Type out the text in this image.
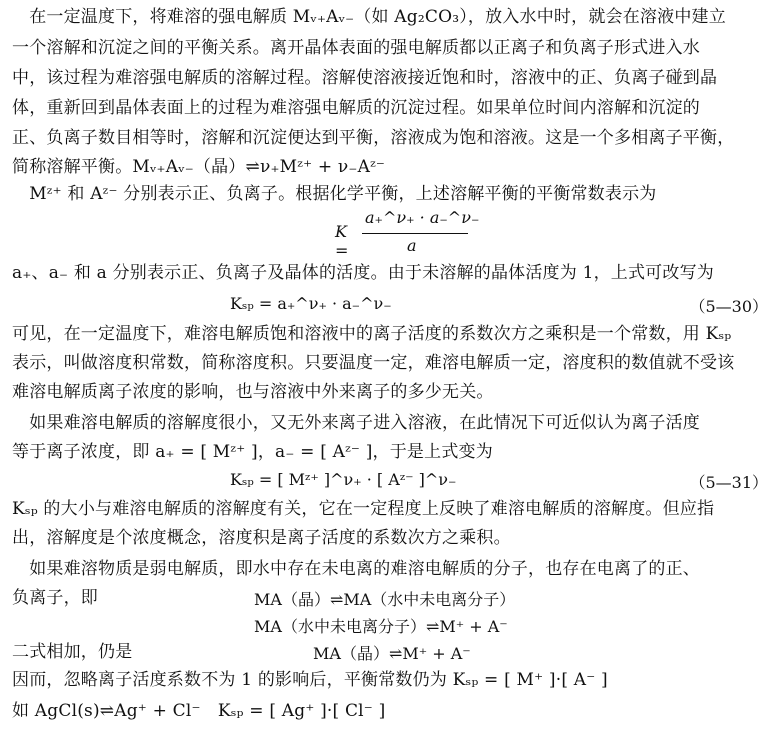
　在一定温度下，将难溶的强电解质 Mᵥ₊Aᵥ₋（如 Ag₂CO₃），放入水中时，就会在溶液中建立
一个溶解和沉淀之间的平衡关系。离开晶体表面的强电解质都以正离子和负离子形式进入水
中，该过程为难溶强电解质的溶解过程。溶解使溶液接近饱和时，溶液中的正、负离子碰到晶
体，重新回到晶体表面上的过程为难溶强电解质的沉淀过程。如果单位时间内溶解和沉淀的
正、负离子数目相等时，溶解和沉淀便达到平衡，溶液成为饱和溶液。这是一个多相离子平衡，
简称溶解平衡。Mᵥ₊Aᵥ₋（晶）⇌ν₊Mᶻ⁺ + ν₋Aᶻ⁻
　Mᶻ⁺ 和 Aᶻ⁻ 分别表示正、负离子。根据化学平衡，上述溶解平衡的平衡常数表示为
K =
a₊^ν₊ · a₋^ν₋
a
a₊、a₋ 和 a 分别表示正、负离子及晶体的活度。由于未溶解的晶体活度为 1，上式可改写为
Kₛₚ = a₊^ν₊ · a₋^ν₋	（5—30）
可见，在一定温度下，难溶电解质饱和溶液中的离子活度的系数次方之乘积是一个常数，用 Kₛₚ
表示，叫做溶度积常数，简称溶度积。只要温度一定，难溶电解质一定，溶度积的数值就不受该
难溶电解质离子浓度的影响，也与溶液中外来离子的多少无关。
　如果难溶电解质的溶解度很小，又无外来离子进入溶液，在此情况下可近似认为离子活度
等于离子浓度，即 a₊ = [ Mᶻ⁺ ]，a₋ = [ Aᶻ⁻ ]，于是上式变为
Kₛₚ = [ Mᶻ⁺ ]^ν₊ · [ Aᶻ⁻ ]^ν₋	（5—31）
Kₛₚ 的大小与难溶电解质的溶解度有关，它在一定程度上反映了难溶电解质的溶解度。但应指
出，溶解度是个浓度概念，溶度积是离子活度的系数次方之乘积。
　如果难溶物质是弱电解质，即水中存在未电离的难溶电解质的分子，也存在电离了的正、
负离子，即	MA（晶）⇌MA（水中未电离分子）
MA（水中未电离分子）⇌M⁺ + A⁻
二式相加，仍是	MA（晶）⇌M⁺ + A⁻
因而，忽略离子活度系数不为 1 的影响后，平衡常数仍为 Kₛₚ = [ M⁺ ]·[ A⁻ ]
如 AgCl(s)⇌Ag⁺ + Cl⁻　Kₛₚ = [ Ag⁺ ]·[ Cl⁻ ]
